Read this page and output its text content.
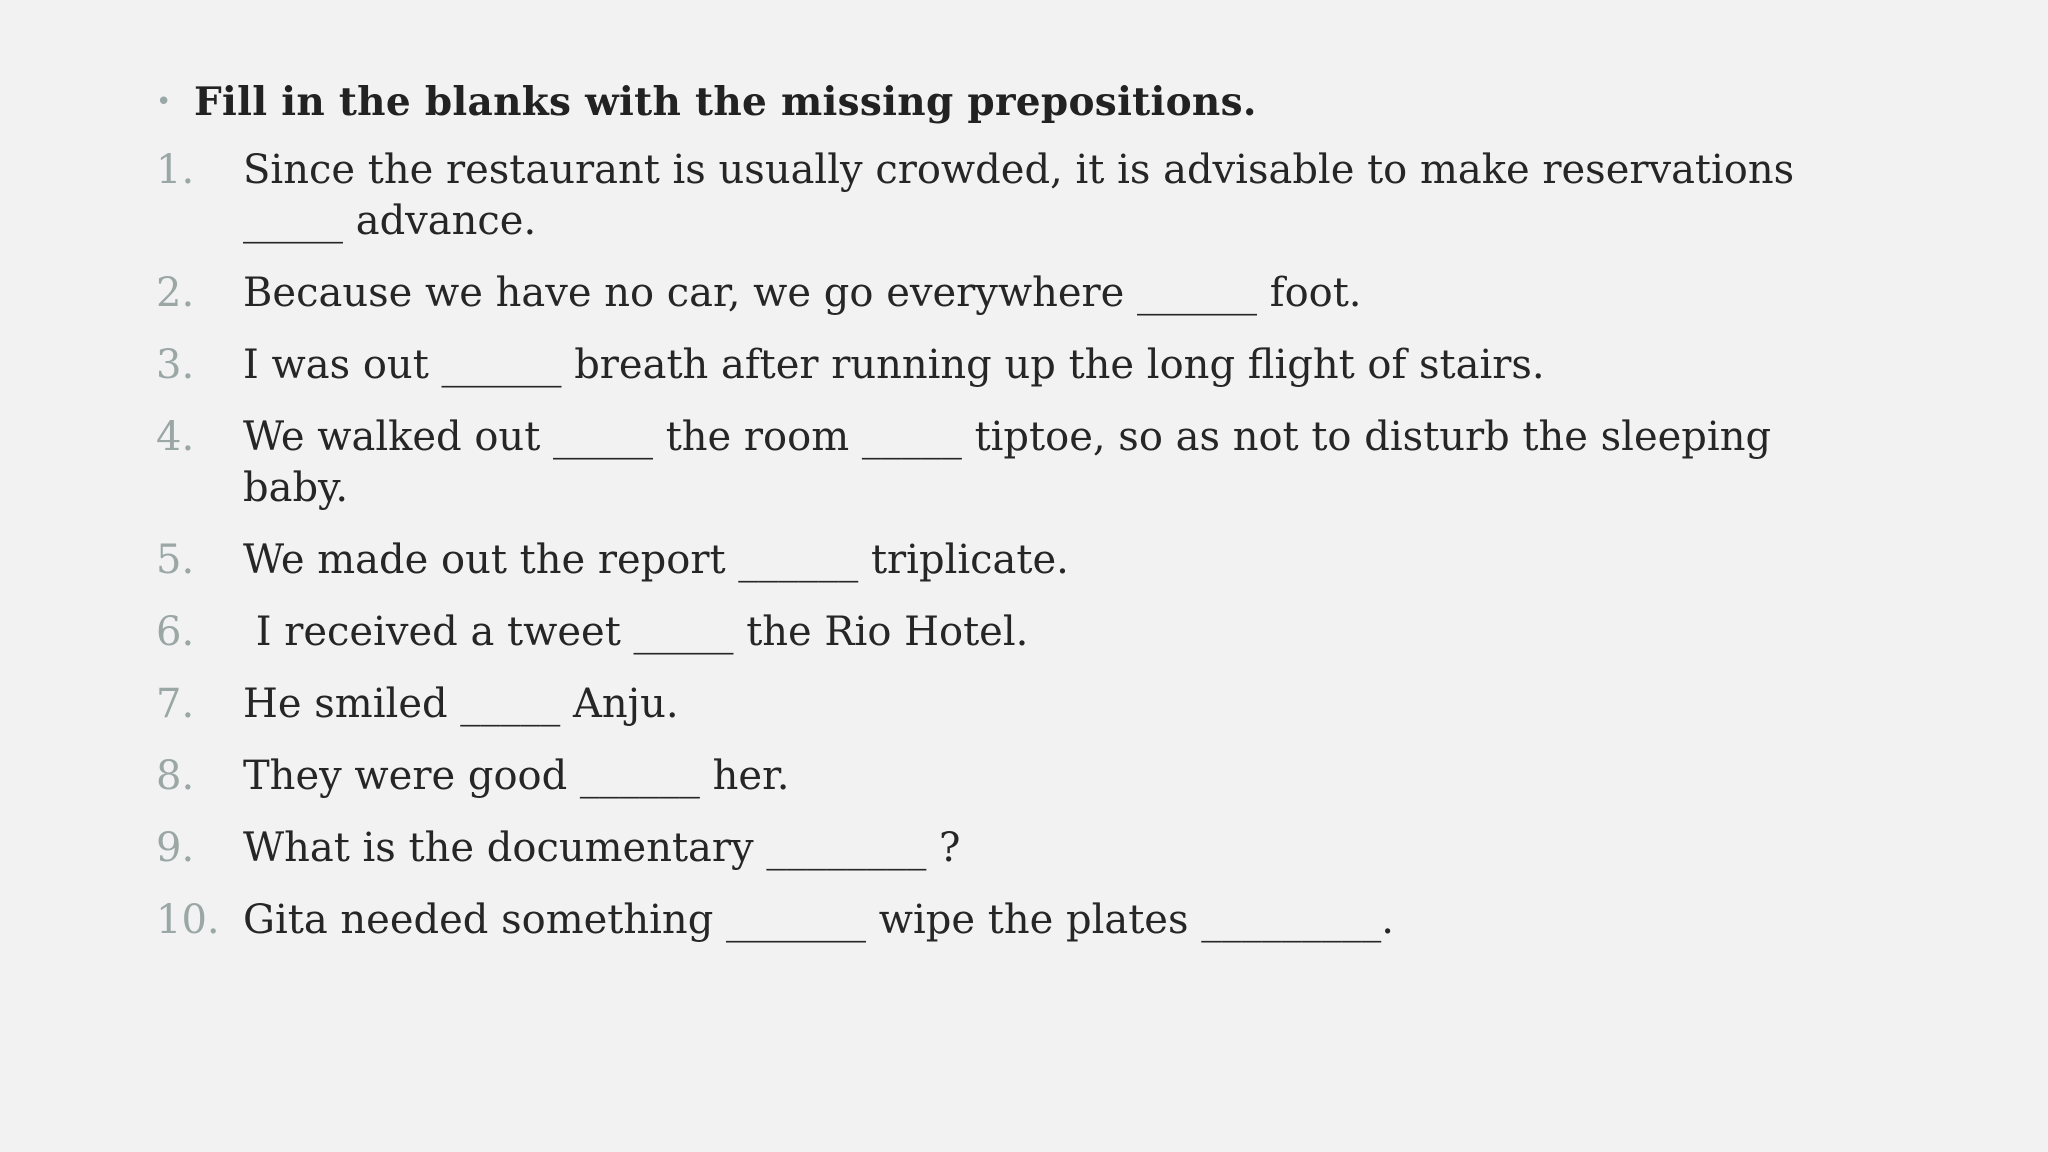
• Fill in the blanks with the missing prepositions.
1.	Since the restaurant is usually crowded, it is advisable to make reservations _____ advance.
2.	Because we have no car, we go everywhere ______ foot.
3.	I was out ______ breath after running up the long flight of stairs.
4.	We walked out _____ the room _____ tiptoe, so as not to disturb the sleeping baby.
5.	We made out the report ______ triplicate.
6.	I received a tweet _____ the Rio Hotel.
7.	He smiled _____ Anju.
8.	They were good ______ her.
9.	What is the documentary ________ ?
10. Gita needed something _______ wipe the plates _________.
